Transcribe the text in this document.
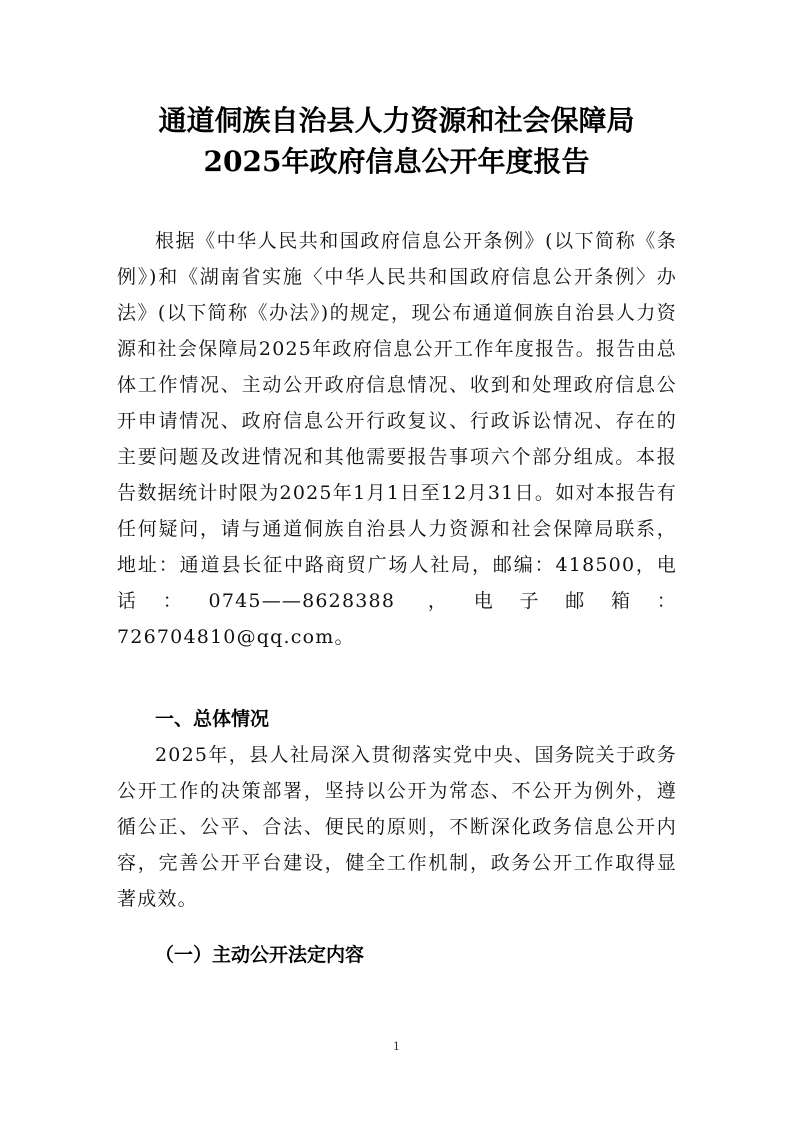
通道侗族自治县人力资源和社会保障局
2025年政府信息公开年度报告

根据《中华人民共和国政府信息公开条例》(以下简称《条例》)和《湖南省实施〈中华人民共和国政府信息公开条例〉办法》(以下简称《办法》)的规定，现公布通道侗族自治县人力资源和社会保障局2025年政府信息公开工作年度报告。报告由总体工作情况、主动公开政府信息情况、收到和处理政府信息公开申请情况、政府信息公开行政复议、行政诉讼情况、存在的主要问题及改进情况和其他需要报告事项六个部分组成。本报告数据统计时限为2025年1月1日至12月31日。如对本报告有任何疑问，请与通道侗族自治县人力资源和社会保障局联系，地址：通道县长征中路商贸广场人社局，邮编：418500，电话：0745——8628388 ，电子邮箱：726704810@qq.com。

一、总体情况

2025年，县人社局深入贯彻落实党中央、国务院关于政务公开工作的决策部署，坚持以公开为常态、不公开为例外，遵循公正、公平、合法、便民的原则，不断深化政务信息公开内容，完善公开平台建设，健全工作机制，政务公开工作取得显著成效。

（一）主动公开法定内容
1
